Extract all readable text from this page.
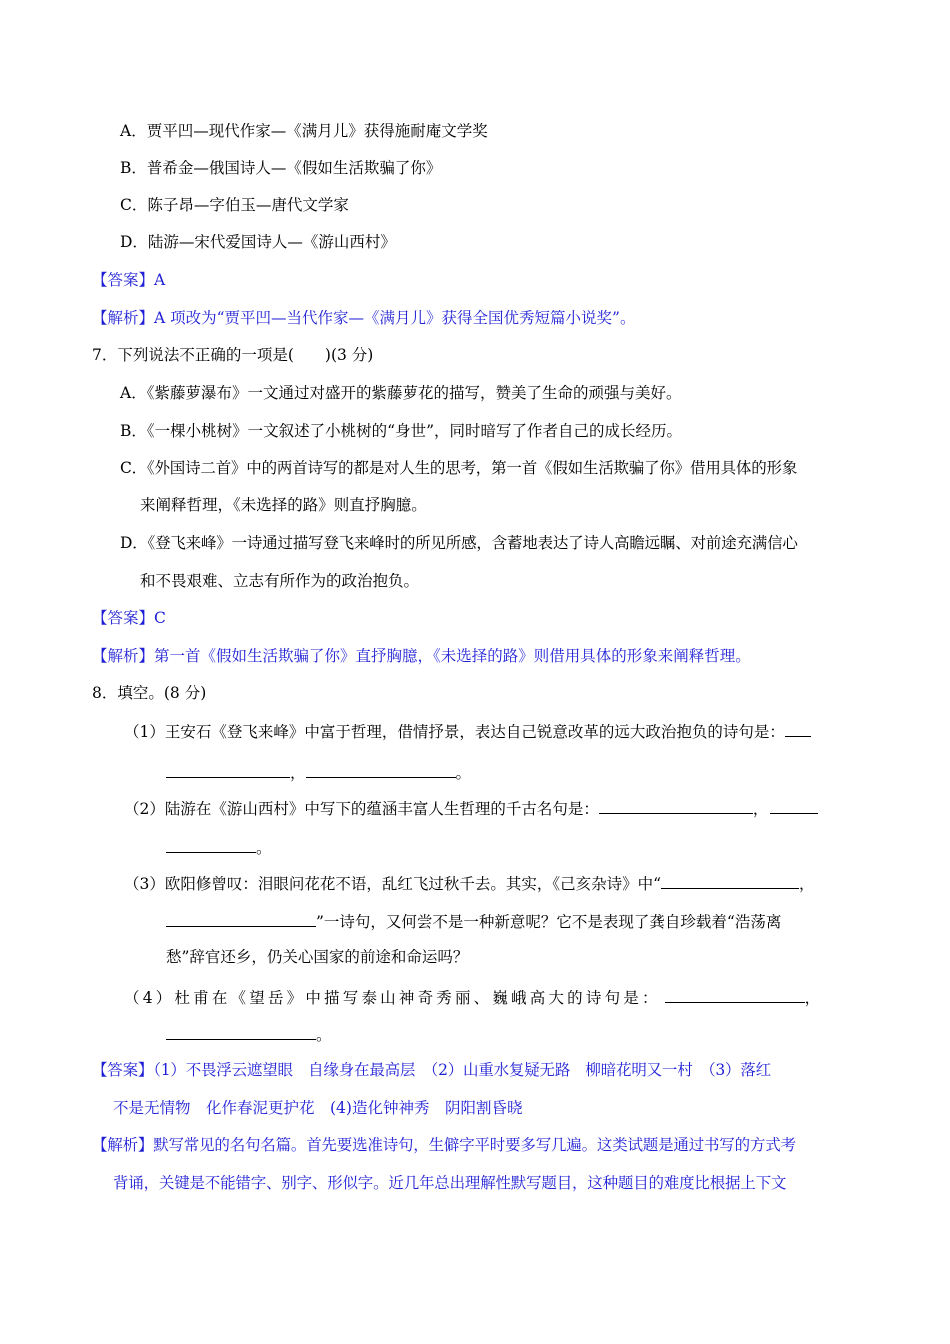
A．贾平凹—现代作家—《满月儿》获得施耐庵文学奖
B．普希金—俄国诗人—《假如生活欺骗了你》
C．陈子昂—字伯玉—唐代文学家
D．陆游—宋代爱国诗人—《游山西村》
【答案】A
【解析】A 项改为“贾平凹—当代作家—《满月儿》获得全国优秀短篇小说奖”。
7．下列说法不正确的一项是(　　)(3 分)
A．《紫藤萝瀑布》一文通过对盛开的紫藤萝花的描写，赞美了生命的顽强与美好。
B．《一棵小桃树》一文叙述了小桃树的“身世”，同时暗写了作者自己的成长经历。
C．《外国诗二首》中的两首诗写的都是对人生的思考，第一首《假如生活欺骗了你》借用具体的形象
来阐释哲理，《未选择的路》则直抒胸臆。
D．《登飞来峰》一诗通过描写登飞来峰时的所见所感，含蓄地表达了诗人高瞻远瞩、对前途充满信心
和不畏艰难、立志有所作为的政治抱负。
【答案】C
【解析】第一首《假如生活欺骗了你》直抒胸臆，《未选择的路》则借用具体的形象来阐释哲理。
8．填空。(8 分)
（1）王安石《登飞来峰》中富于哲理，借情抒景，表达自己锐意改革的远大政治抱负的诗句是：
，	。
（2）陆游在《游山西村》中写下的蕴涵丰富人生哲理的千古名句是：	，
。
（3）欧阳修曾叹：泪眼问花花不语，乱红飞过秋千去。其实，《己亥杂诗》中“	，
”一诗句，又何尝不是一种新意呢？它不是表现了龚自珍载着“浩荡离
愁”辞官还乡，仍关心国家的前途和命运吗？
（4）杜甫在《望岳》中描写泰山神奇秀丽、巍峨高大的诗句是：	，
。
【答案】（1）不畏浮云遮望眼　自缘身在最高层　（2）山重水复疑无路　柳暗花明又一村　（3）落红
不是无情物　化作春泥更护花　(4)造化钟神秀　阴阳割昏晓
【解析】默写常见的名句名篇。首先要选准诗句，生僻字平时要多写几遍。这类试题是通过书写的方式考
背诵，关键是不能错字、别字、形似字。近几年总出理解性默写题目，这种题目的难度比根据上下文
